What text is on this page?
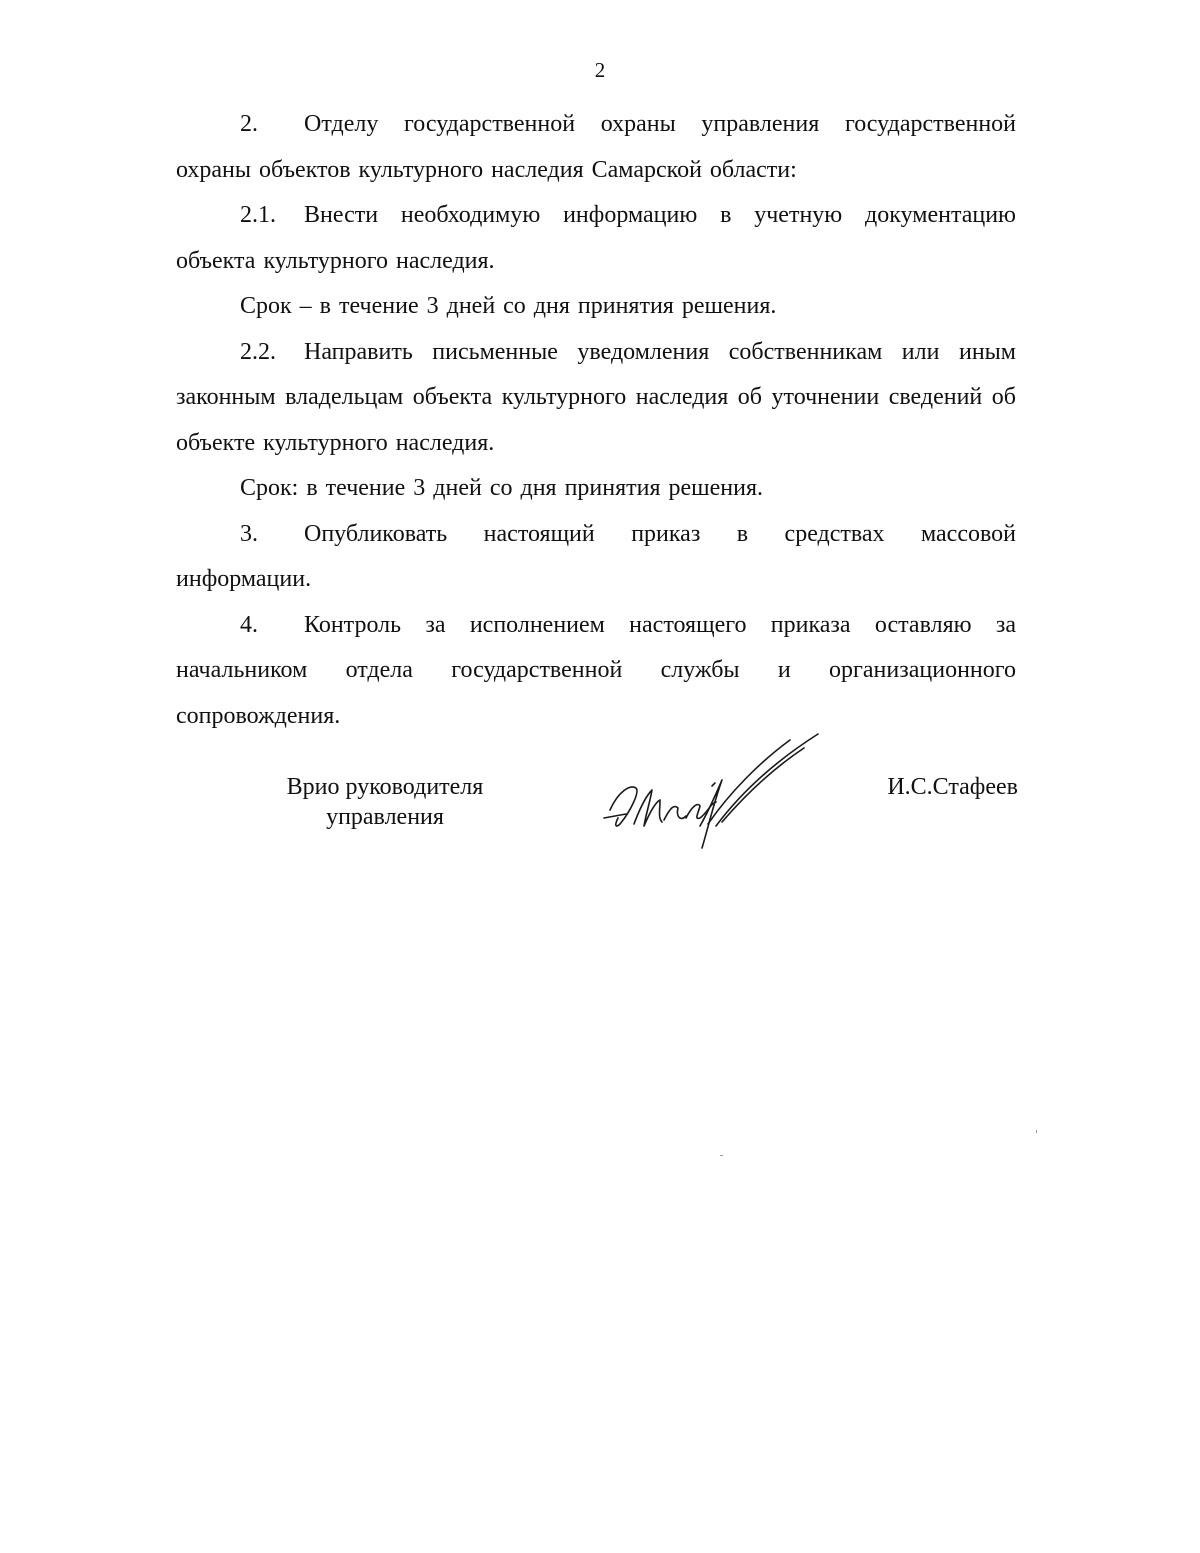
2

2. Отделу государственной охраны управления государственной охраны объектов культурного наследия Самарской области:

2.1. Внести необходимую информацию в учетную документацию объекта культурного наследия.

Срок – в течение 3 дней со дня принятия решения.

2.2. Направить письменные уведомления собственникам или иным законным владельцам объекта культурного наследия об уточнении сведений об объекте культурного наследия.

Срок: в течение 3 дней со дня принятия решения.

3. Опубликовать настоящий приказ в средствах массовой информации.

4. Контроль за исполнением настоящего приказа оставляю за начальником отдела государственной службы и организационного сопровождения.

Врио руководителя
управления
И.С.Стафеев
